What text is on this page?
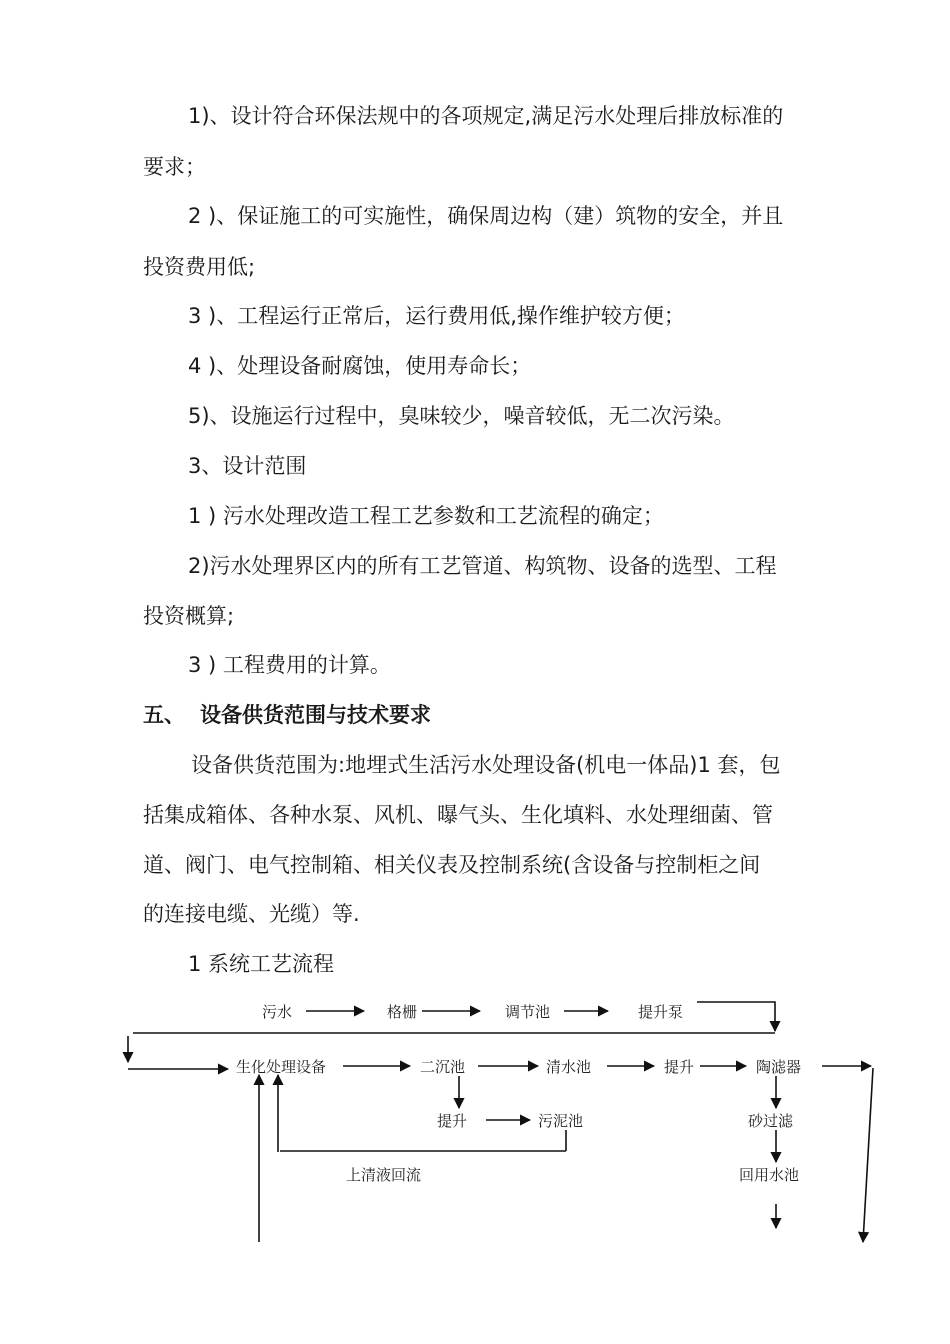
1)、设计符合环保法规中的各项规定,满足污水处理后排放标准的
要求；
2 )、保证施工的可实施性，确保周边构（建）筑物的安全，并且
投资费用低;
3 )、工程运行正常后，运行费用低,操作维护较方便；
4 )、处理设备耐腐蚀，使用寿命长；
5)、设施运行过程中，臭味较少，噪音较低，无二次污染。
3、设计范围
1 ) 污水处理改造工程工艺参数和工艺流程的确定；
2)污水处理界区内的所有工艺管道、构筑物、设备的选型、工程
投资概算;
3 ) 工程费用的计算。
五、 设备供货范围与技术要求
设备供货范围为:地埋式生活污水处理设备(机电一体品)1 套，包
括集成箱体、各种水泵、风机、曝气头、生化填料、水处理细菌、管
道、阀门、电气控制箱、相关仪表及控制系统(含设备与控制柜之间
的连接电缆、光缆）等.
1 系统工艺流程
污水	格栅	调节池	提升泵
生化处理设备	二沉池	清水池	提升	陶滤器
提升	污泥池
上清液回流
砂过滤
回用水池
